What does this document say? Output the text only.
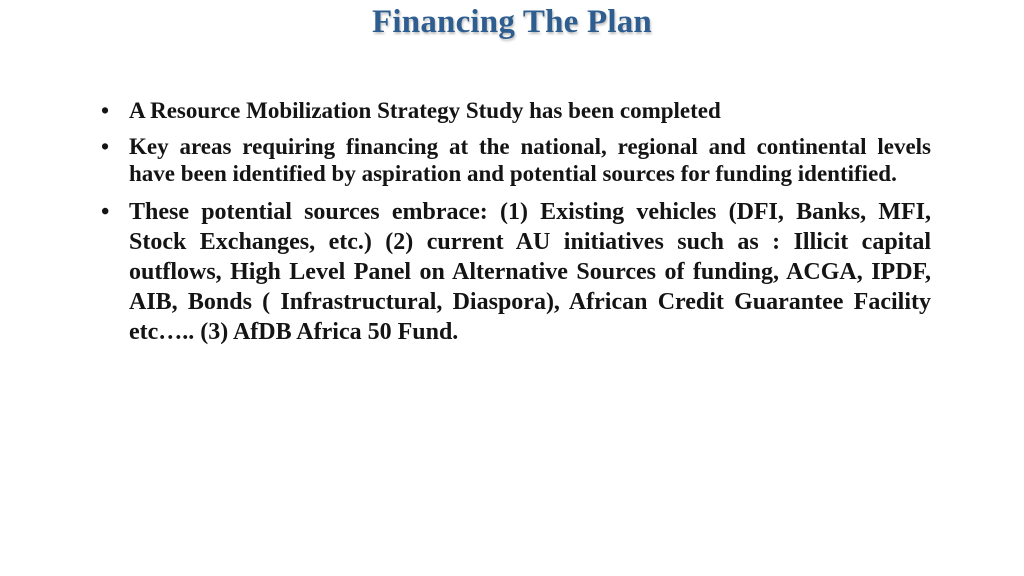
Financing The Plan
• A Resource Mobilization Strategy Study has been completed
• Key areas requiring financing at the national, regional and continental levels have been identified by aspiration and potential sources for funding identified.
• These potential sources embrace: (1) Existing vehicles (DFI, Banks, MFI, Stock Exchanges, etc.) (2) current AU initiatives such as : Illicit capital outflows, High Level Panel on Alternative Sources of funding, ACGA, IPDF, AIB, Bonds ( Infrastructural, Diaspora), African Credit Guarantee Facility etc….. (3) AfDB Africa 50 Fund.
